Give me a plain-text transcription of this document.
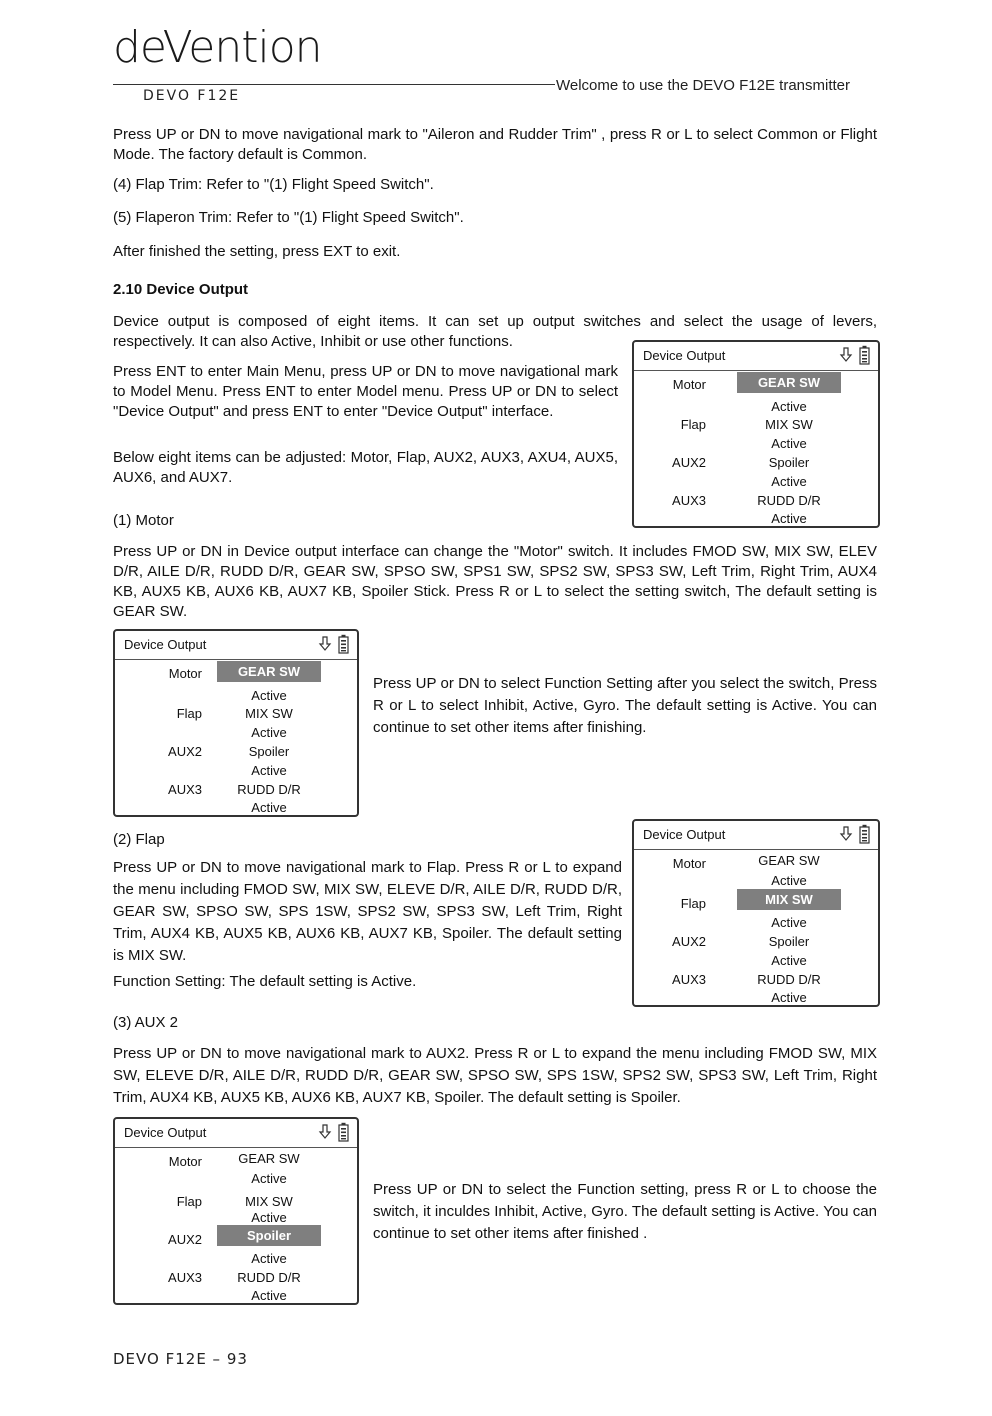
deVention
DEVO F12E
Welcome to use the DEVO F12E transmitter
Press UP or DN to move navigational mark to "Aileron and Rudder Trim" , press R or L to select Common or Flight Mode. The factory default is Common.
(4) Flap Trim: Refer to "(1) Flight Speed Switch".
(5) Flaperon Trim: Refer to "(1) Flight Speed Switch".
After finished the setting, press EXT to exit.
2.10 Device Output
Device output is composed of eight items. It can set up output switches and select the usage of levers, respectively. It can also Active, Inhibit or use other functions.
Press ENT to enter Main Menu, press UP or DN to move navigational mark to Model Menu. Press ENT to enter Model menu. Press UP or DN to select "Device Output" and press ENT to enter "Device Output" interface.
Below eight items can be adjusted: Motor, Flap, AUX2, AUX3, AXU4, AUX5, AUX6, and AUX7.
(1) Motor
Press UP or DN in Device output interface can change the "Motor" switch. It includes FMOD SW, MIX SW, ELEV D/R, AILE D/R, RUDD D/R, GEAR SW, SPSO SW, SPS1 SW, SPS2 SW, SPS3 SW, Left Trim, Right Trim, AUX4 KB, AUX5 KB, AUX6 KB, AUX7 KB, Spoiler Stick. Press R or L to select the setting switch, The default setting is GEAR SW.
Press UP or DN to select Function Setting after you select the switch, Press R or L to select Inhibit, Active, Gyro. The default setting is Active. You can continue to set other items after finishing.
(2) Flap
Press UP or DN to move navigational mark to Flap. Press R or L to expand the menu including FMOD SW, MIX SW, ELEVE D/R, AILE D/R, RUDD D/R, GEAR SW, SPSO SW, SPS 1SW, SPS2 SW, SPS3 SW, Left Trim, Right Trim, AUX4 KB, AUX5 KB, AUX6 KB, AUX7 KB, Spoiler. The default setting is MIX SW.
Function Setting: The default setting is Active.
(3) AUX 2
Press UP or DN to move navigational mark to AUX2. Press R or L to expand the menu including FMOD SW, MIX SW, ELEVE D/R, AILE D/R, RUDD D/R, GEAR SW, SPSO SW, SPS 1SW, SPS2 SW, SPS3 SW, Left Trim, Right Trim, AUX4 KB, AUX5 KB, AUX6 KB, AUX7 KB, Spoiler. The default setting is Spoiler.
Press UP or DN to select the Function setting, press R or L to choose the switch, it inculdes Inhibit, Active, Gyro. The default setting is Active. You can continue to set other items after finished .
Device Output
Motor
Flap
AUX2
AUX3
GEAR SW
Active
MIX SW
Active
Spoiler
Active
RUDD D/R
Active
Device Output
Motor
Flap
AUX2
AUX3
GEAR SW
Active
MIX SW
Active
Spoiler
Active
RUDD D/R
Active
Device Output
Motor
Flap
AUX2
AUX3
GEAR SW
Active
MIX SW
Active
Spoiler
Active
RUDD D/R
Active
Device Output
Motor
Flap
AUX2
AUX3
GEAR SW
Active
MIX SW
Active
Spoiler
Active
RUDD D/R
Active
DEVO F12E – 93
